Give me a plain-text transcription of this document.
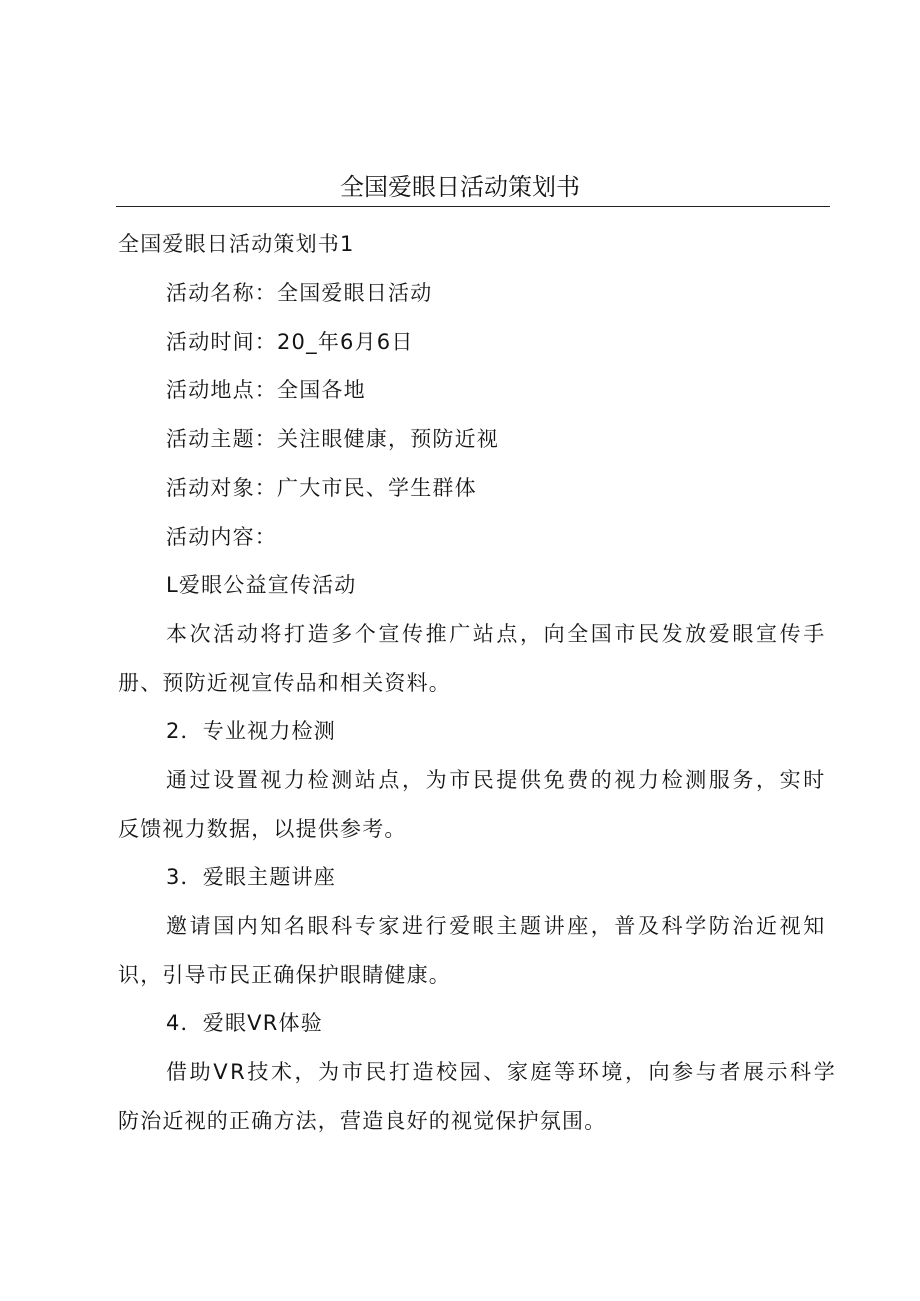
全国爱眼日活动策划书
全国爱眼日活动策划书1
活动名称：全国爱眼日活动
活动时间：20_年6月6日
活动地点：全国各地
活动主题：关注眼健康，预防近视
活动对象：广大市民、学生群体
活动内容：
L爱眼公益宣传活动
本次活动将打造多个宣传推广站点，向全国市民发放爱眼宣传手
册、预防近视宣传品和相关资料。
2．专业视力检测
通过设置视力检测站点，为市民提供免费的视力检测服务，实时
反馈视力数据，以提供参考。
3．爱眼主题讲座
邀请国内知名眼科专家进行爱眼主题讲座，普及科学防治近视知
识，引导市民正确保护眼睛健康。
4．爱眼VR体验
借助VR技术，为市民打造校园、家庭等环境，向参与者展示科学
防治近视的正确方法，营造良好的视觉保护氛围。
